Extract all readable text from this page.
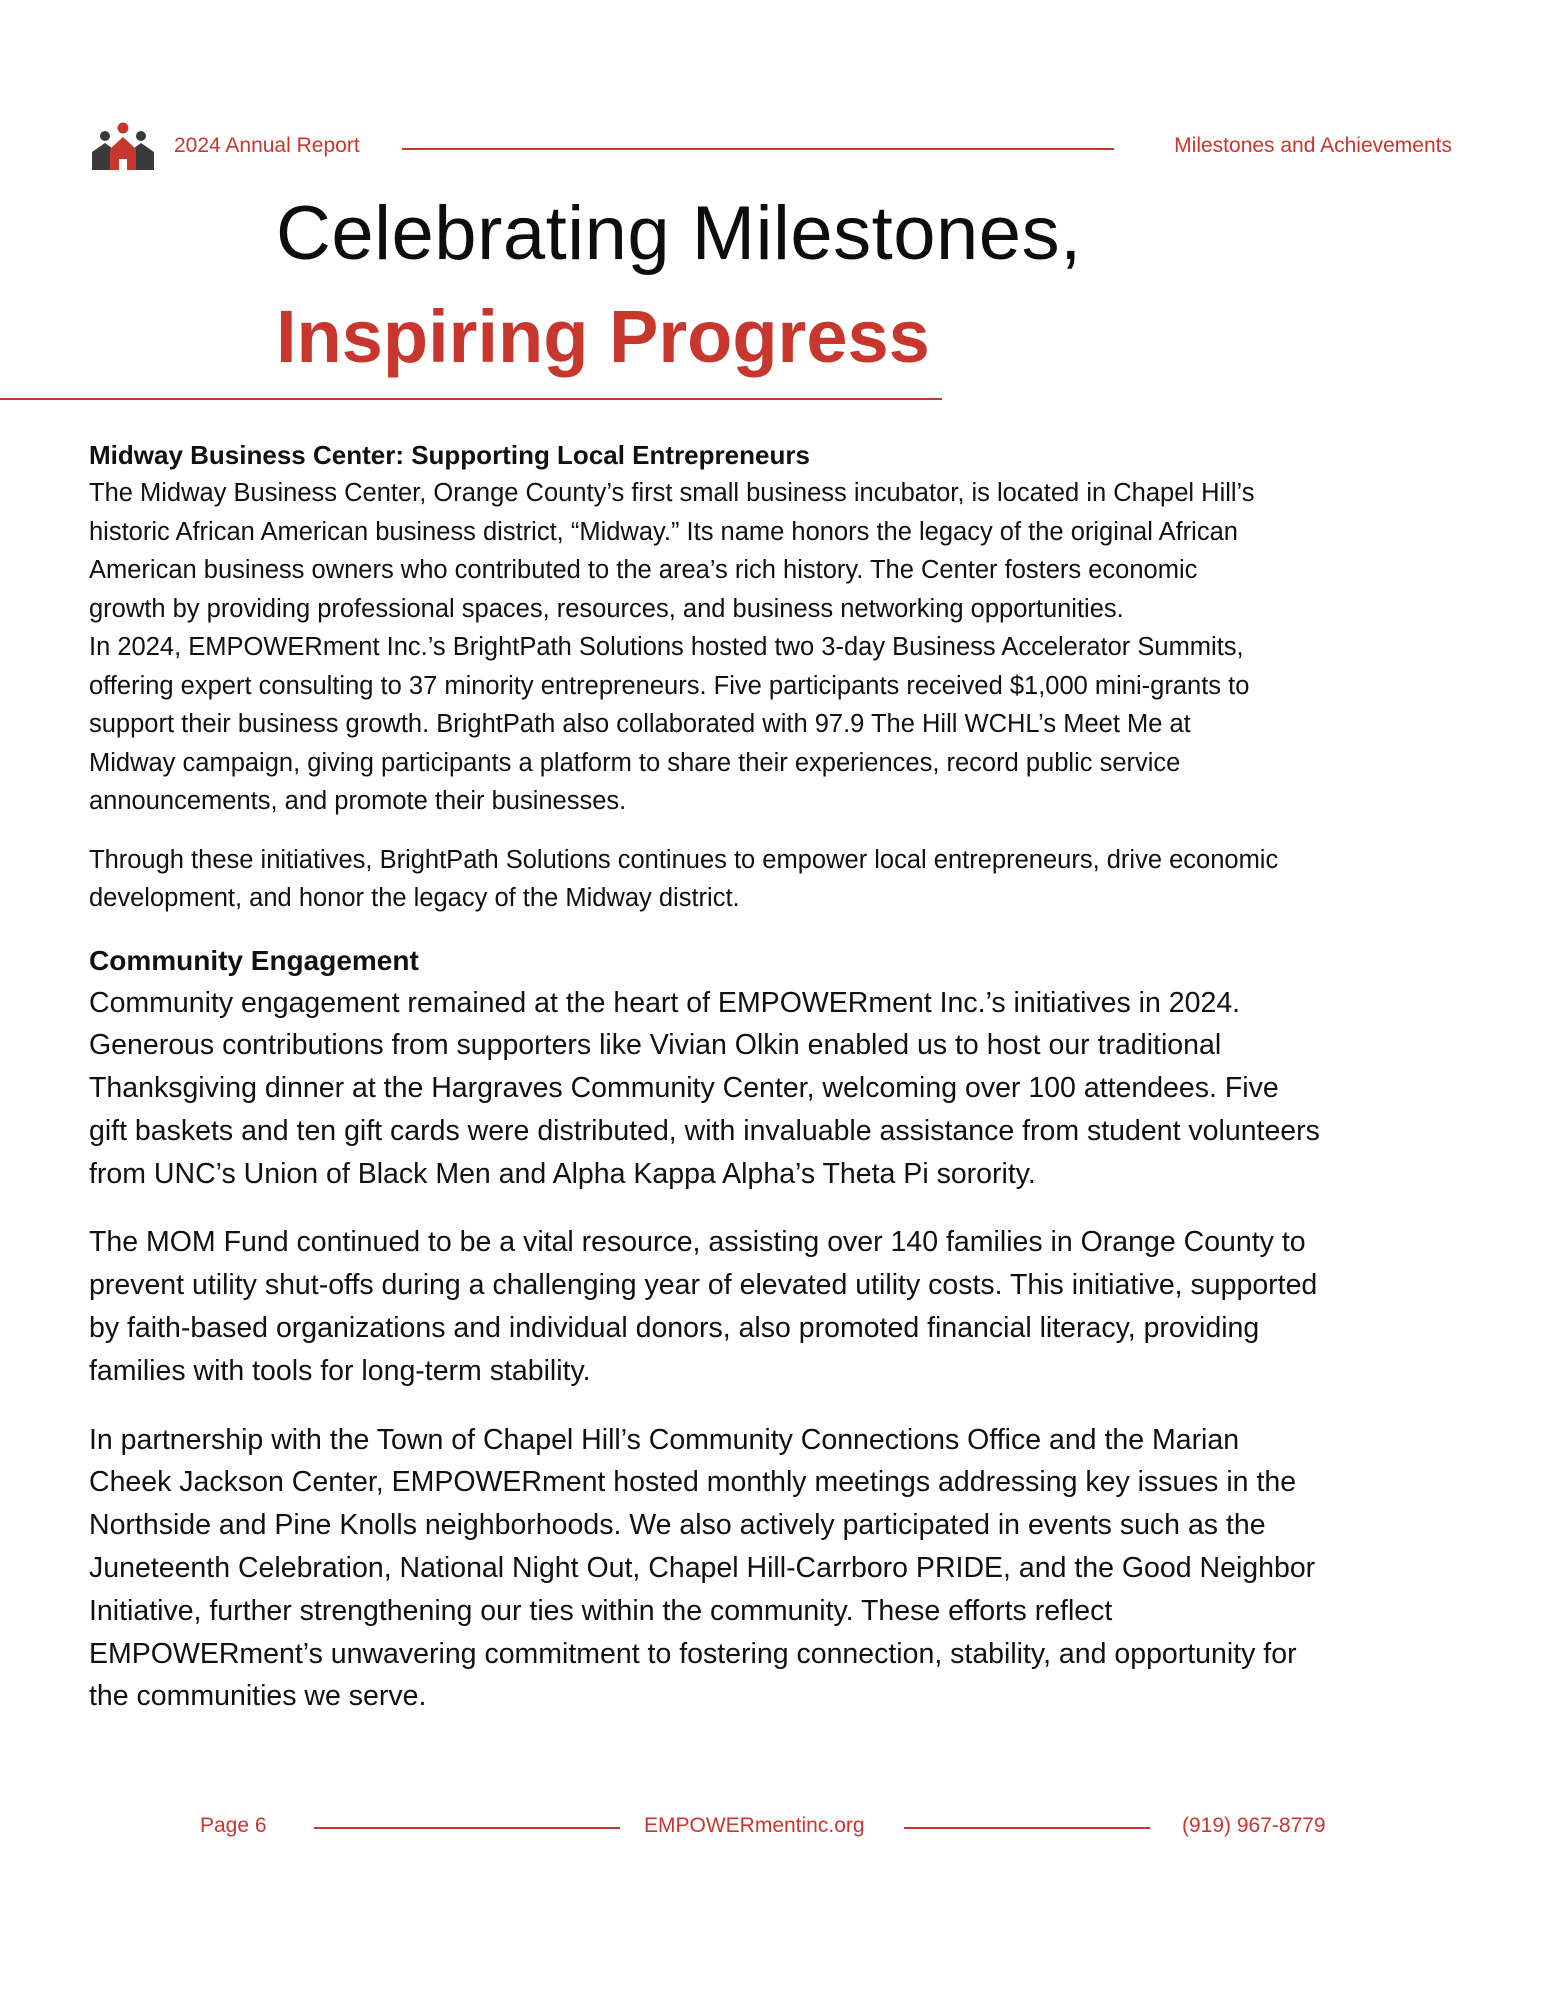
2024 Annual Report	Milestones and Achievements
Celebrating Milestones,
Inspiring Progress
Midway Business Center: Supporting Local Entrepreneurs

The Midway Business Center, Orange County’s first small business incubator, is located in Chapel Hill’s
historic African American business district, “Midway.” Its name honors the legacy of the original African
American business owners who contributed to the area’s rich history. The Center fosters economic
growth by providing professional spaces, resources, and business networking opportunities.
In 2024, EMPOWERment Inc.’s BrightPath Solutions hosted two 3-day Business Accelerator Summits,
offering expert consulting to 37 minority entrepreneurs. Five participants received $1,000 mini-grants to
support their business growth. BrightPath also collaborated with 97.9 The Hill WCHL’s Meet Me at
Midway campaign, giving participants a platform to share their experiences, record public service
announcements, and promote their businesses.

Through these initiatives, BrightPath Solutions continues to empower local entrepreneurs, drive economic
development, and honor the legacy of the Midway district.

Community Engagement

Community engagement remained at the heart of EMPOWERment Inc.’s initiatives in 2024.
Generous contributions from supporters like Vivian Olkin enabled us to host our traditional
Thanksgiving dinner at the Hargraves Community Center, welcoming over 100 attendees. Five
gift baskets and ten gift cards were distributed, with invaluable assistance from student volunteers
from UNC’s Union of Black Men and Alpha Kappa Alpha’s Theta Pi sorority.

The MOM Fund continued to be a vital resource, assisting over 140 families in Orange County to
prevent utility shut-offs during a challenging year of elevated utility costs. This initiative, supported
by faith-based organizations and individual donors, also promoted financial literacy, providing
families with tools for long-term stability.

In partnership with the Town of Chapel Hill’s Community Connections Office and the Marian
Cheek Jackson Center, EMPOWERment hosted monthly meetings addressing key issues in the
Northside and Pine Knolls neighborhoods. We also actively participated in events such as the
Juneteenth Celebration, National Night Out, Chapel Hill-Carrboro PRIDE, and the Good Neighbor
Initiative, further strengthening our ties within the community. These efforts reflect
EMPOWERment’s unwavering commitment to fostering connection, stability, and opportunity for
the communities we serve.

Page 6	EMPOWERmentinc.org	(919) 967-8779
